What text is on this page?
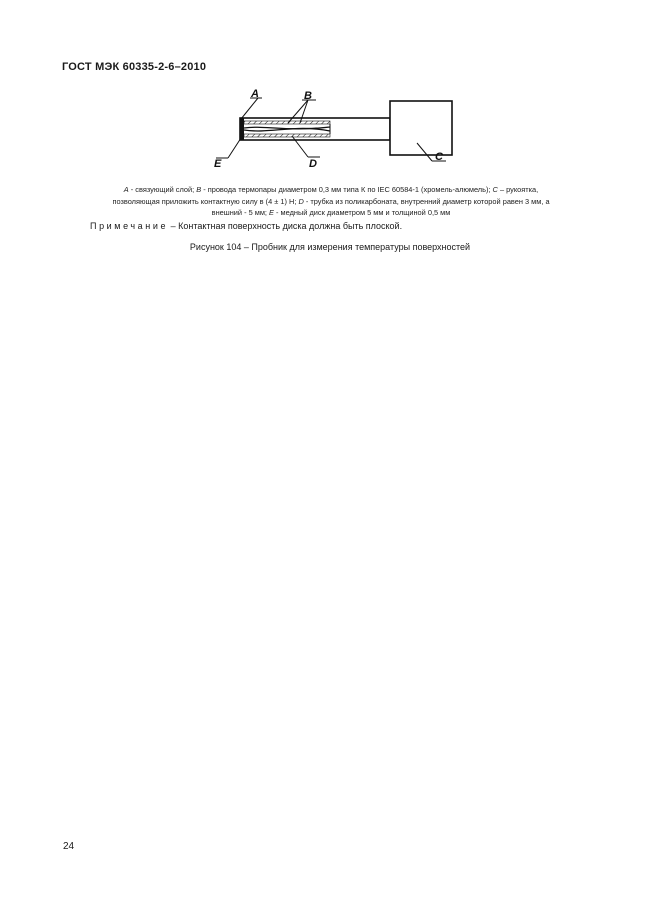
ГОСТ МЭК 60335-2-6–2010
A	B
C
D
E
A - связующий слой; B - провода термопары диаметром 0,3 мм типа К по IEC 60584-1 (хромель-алюмель); C – рукоятка,
позволяющая приложить контактную силу в (4 ± 1) Н; D - трубка из поликарбоната, внутренний диаметр которой равен 3 мм, а
внешний - 5 мм; E - медный диск диаметром 5 мм и толщиной 0,5 мм
Примечание – Контактная поверхность диска должна быть плоской.
Рисунок 104 – Пробник для измерения температуры поверхностей
24
